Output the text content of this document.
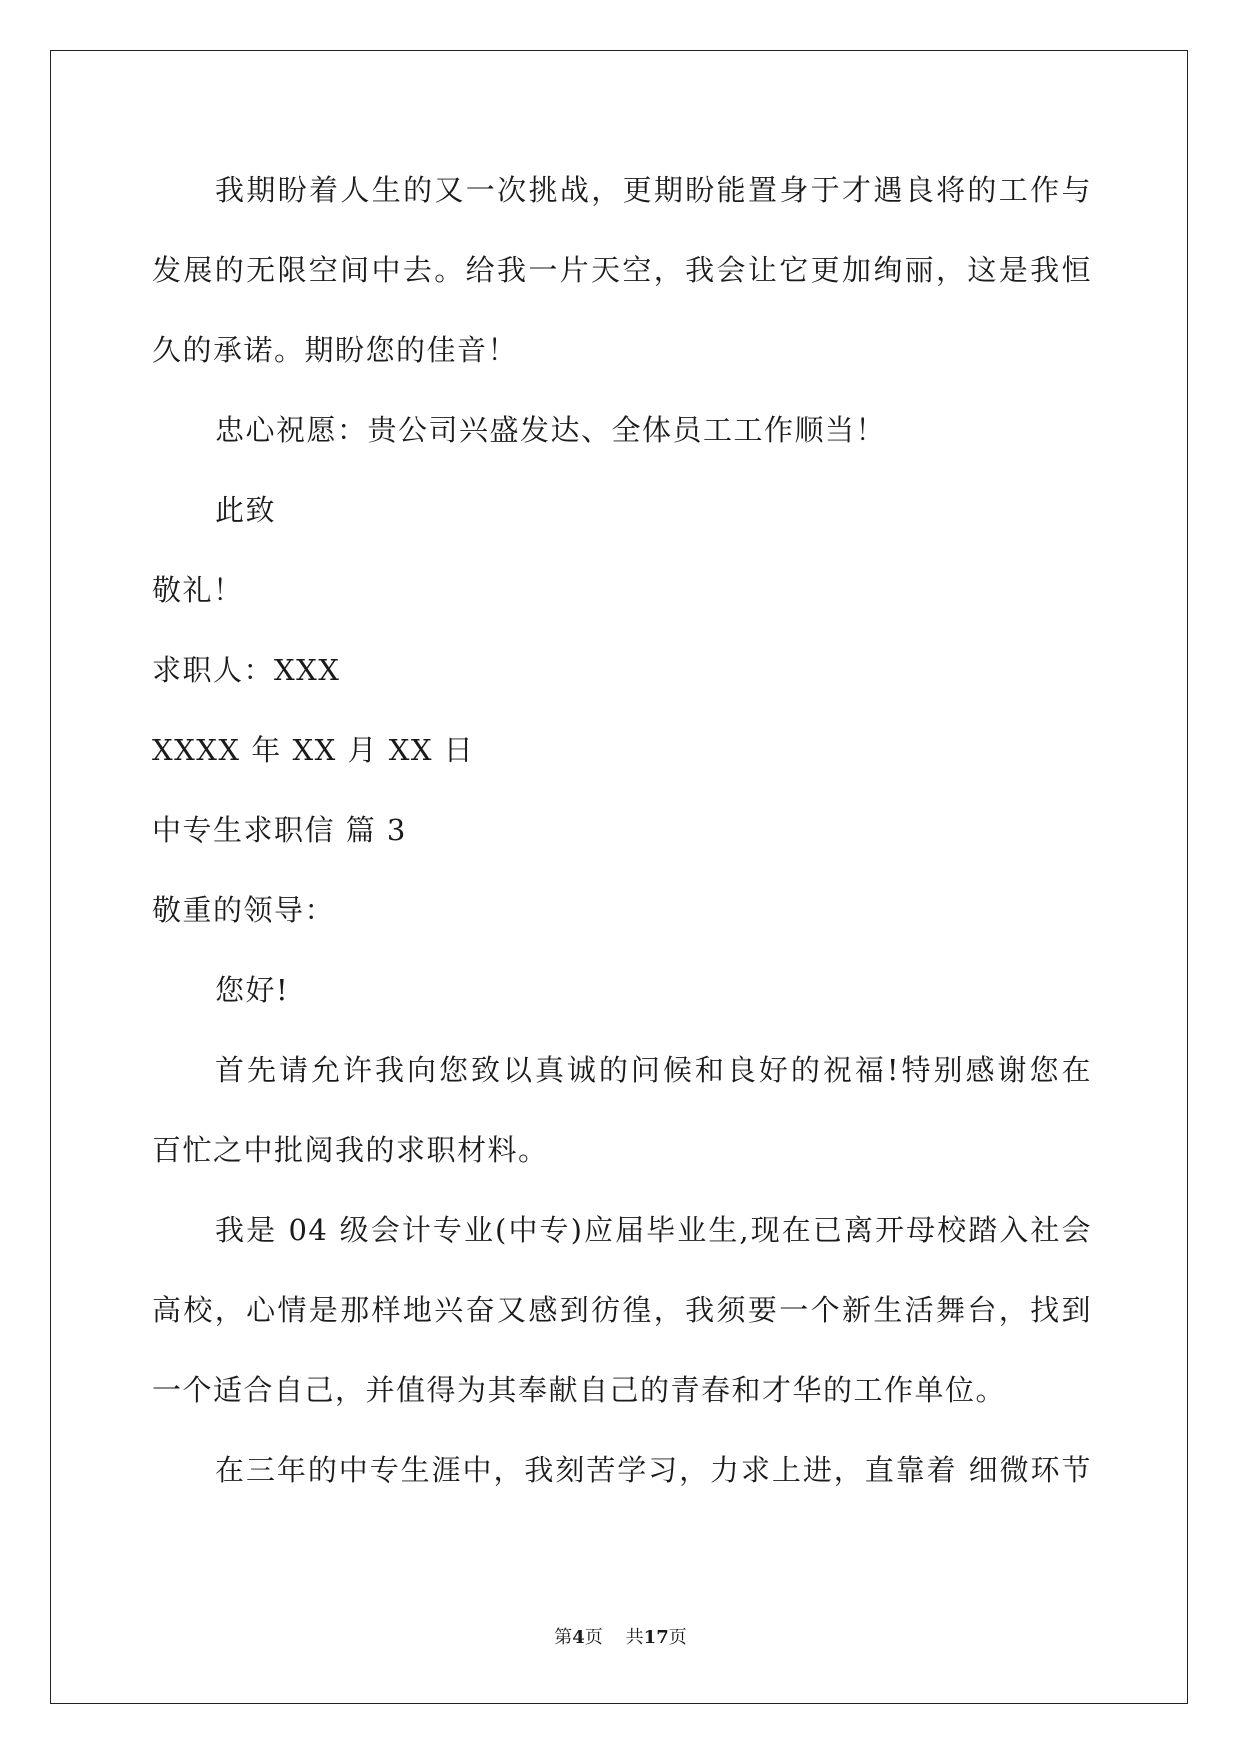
我期盼着人生的又一次挑战，更期盼能置身于才遇良将的工作与
发展的无限空间中去。给我一片天空，我会让它更加绚丽，这是我恒
久的承诺。期盼您的佳音！
忠心祝愿：贵公司兴盛发达、全体员工工作顺当！
此致
敬礼！
求职人：XXX
XXXX 年 XX 月 XX 日
中专生求职信 篇 3
敬重的领导：
您好!
首先请允许我向您致以真诚的问候和良好的祝福!特别感谢您在
百忙之中批阅我的求职材料。
我是 04 级会计专业(中专)应届毕业生,现在已离开母校踏入社会
高校，心情是那样地兴奋又感到彷徨，我须要一个新生活舞台，找到
一个适合自己，并值得为其奉献自己的青春和才华的工作单位。
在三年的中专生涯中，我刻苦学习，力求上进，直靠着 细微环节
第4页    共17页
